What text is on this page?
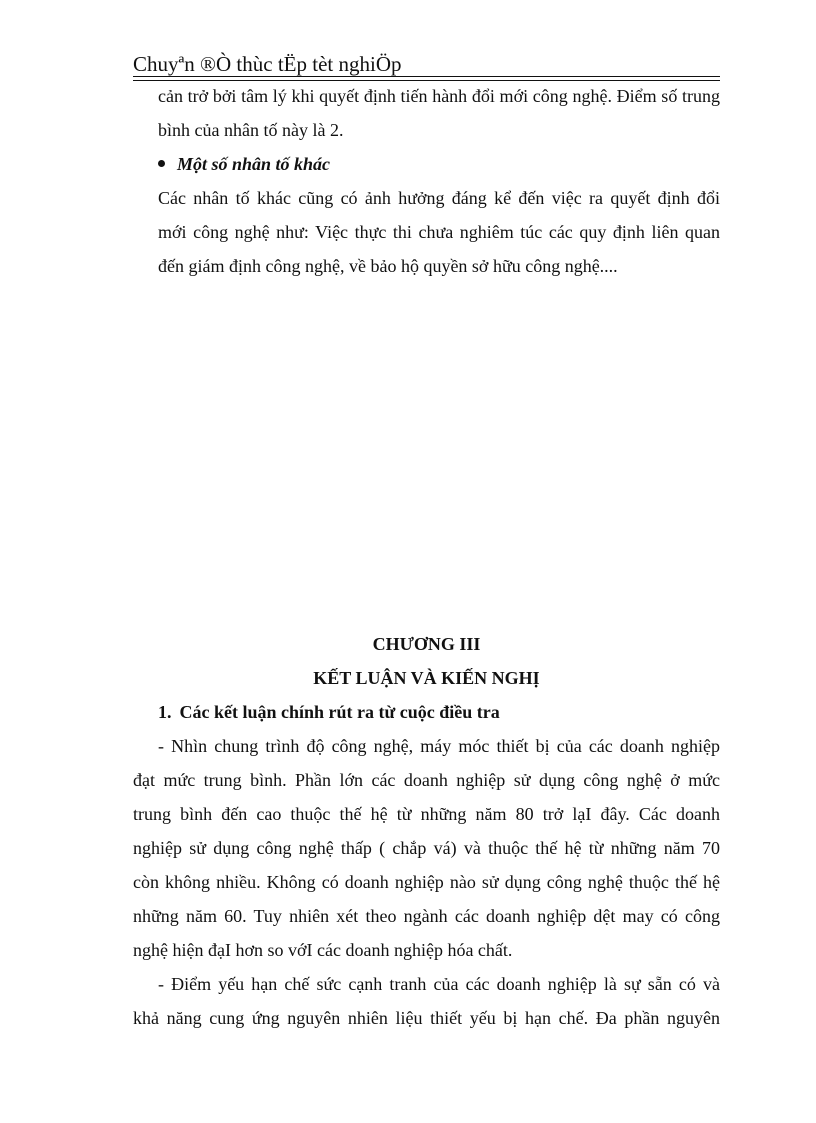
Chuyªn ®Ò thùc tËp tèt nghiÖp
cản trở bởi tâm lý khi quyết định tiến hành đổi mới công nghệ. Điểm số trung
bình của nhân tố này là 2.
Một số nhân tố khác
Các nhân tố khác cũng có ảnh hưởng đáng kể đến việc ra quyết định đổi
mới công nghệ như: Việc thực thi chưa nghiêm túc các quy định liên quan
đến giám định công nghệ, về bảo hộ quyền sở hữu công nghệ....
CHƯƠNG III
KẾT LUẬN VÀ KIẾN NGHỊ
1. Các kết luận chính rút ra từ cuộc điều tra
- Nhìn chung trình độ công nghệ, máy móc thiết bị của các doanh nghiệp
đạt mức trung bình. Phần lớn các doanh nghiệp sử dụng công nghệ ở mức
trung bình đến cao thuộc thế hệ từ những năm 80 trở lạI đây. Các doanh
nghiệp sử dụng công nghệ thấp ( chắp vá) và thuộc thế hệ từ những năm 70
còn không nhiều. Không có doanh nghiệp nào sử dụng công nghệ thuộc thế hệ
những năm 60. Tuy nhiên xét theo ngành các doanh nghiệp dệt may có công
nghệ hiện đạI hơn so vớI các doanh nghiệp hóa chất.
- Điểm yếu hạn chế sức cạnh tranh của các doanh nghiệp là sự sẵn có và
khả năng cung ứng nguyên nhiên liệu thiết yếu bị hạn chế. Đa phần nguyên
